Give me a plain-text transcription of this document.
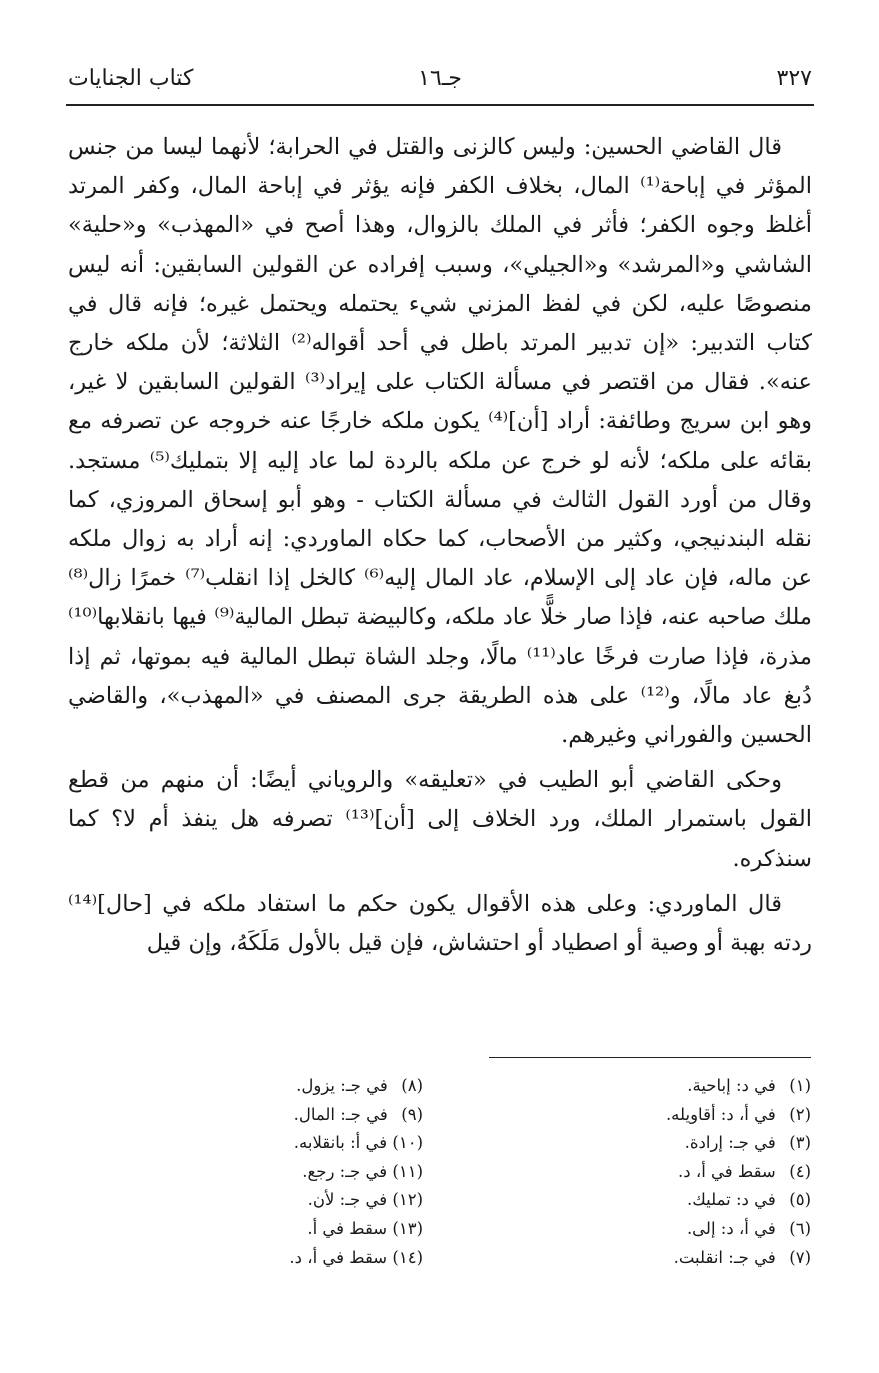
٣٢٧
جـ١٦
كتاب الجنايات

قال القاضي الحسين: وليس كالزنى والقتل في الحرابة؛ لأنهما ليسا من جنس المؤثر في إباحة⁽¹⁾ المال، بخلاف الكفر فإنه يؤثر في إباحة المال، وكفر المرتد أغلظ وجوه الكفر؛ فأثر في الملك بالزوال، وهذا أصح في «المهذب» و«حلية» الشاشي و«المرشد» و«الجيلي»، وسبب إفراده عن القولين السابقين: أنه ليس منصوصًا عليه، لكن في لفظ المزني شيء يحتمله ويحتمل غيره؛ فإنه قال في كتاب التدبير: «إن تدبير المرتد باطل في أحد أقواله⁽²⁾ الثلاثة؛ لأن ملكه خارج عنه». فقال من اقتصر في مسألة الكتاب على إيراد⁽³⁾ القولين السابقين لا غير، وهو ابن سريج وطائفة: أراد [أن]⁽⁴⁾ يكون ملكه خارجًا عنه خروجه عن تصرفه مع بقائه على ملكه؛ لأنه لو خرج عن ملكه بالردة لما عاد إليه إلا بتمليك⁽⁵⁾ مستجد. وقال من أورد القول الثالث في مسألة الكتاب - وهو أبو إسحاق المروزي، كما نقله البندنيجي، وكثير من الأصحاب، كما حكاه الماوردي: إنه أراد به زوال ملكه عن ماله، فإن عاد إلى الإسلام، عاد المال إليه⁽⁶⁾ كالخل إذا انقلب⁽⁷⁾ خمرًا زال⁽⁸⁾ ملك صاحبه عنه، فإذا صار خلًّا عاد ملكه، وكالبيضة تبطل المالية⁽⁹⁾ فيها بانقلابها⁽¹⁰⁾ مذرة، فإذا صارت فرخًا عاد⁽¹¹⁾ مالًا، وجلد الشاة تبطل المالية فيه بموتها، ثم إذا دُبغ عاد مالًا، و⁽¹²⁾ على هذه الطريقة جرى المصنف في «المهذب»، والقاضي الحسين والفوراني وغيرهم.

وحكى القاضي أبو الطيب في «تعليقه» والروياني أيضًا: أن منهم من قطع القول باستمرار الملك، ورد الخلاف إلى [أن]⁽¹³⁾ تصرفه هل ينفذ أم لا؟ كما سنذكره.

قال الماوردي: وعلى هذه الأقوال يكون حكم ما استفاد ملكه في [حال]⁽¹⁴⁾ ردته بهبة أو وصية أو اصطياد أو احتشاش، فإن قيل بالأول مَلَكَهُ، وإن قيل

(١) في د: إباحية.
(٢) في أ، د: أقاويله.
(٣) في جـ: إرادة.
(٤) سقط في أ، د.
(٥) في د: تمليك.
(٦) في أ، د: إلى.
(٧) في جـ: انقلبت.
(٨) في جـ: يزول.
(٩) في جـ: المال.
(١٠) في أ: بانقلابه.
(١١) في جـ: رجع.
(١٢) في جـ: لأن.
(١٣) سقط في أ.
(١٤) سقط في أ، د.
